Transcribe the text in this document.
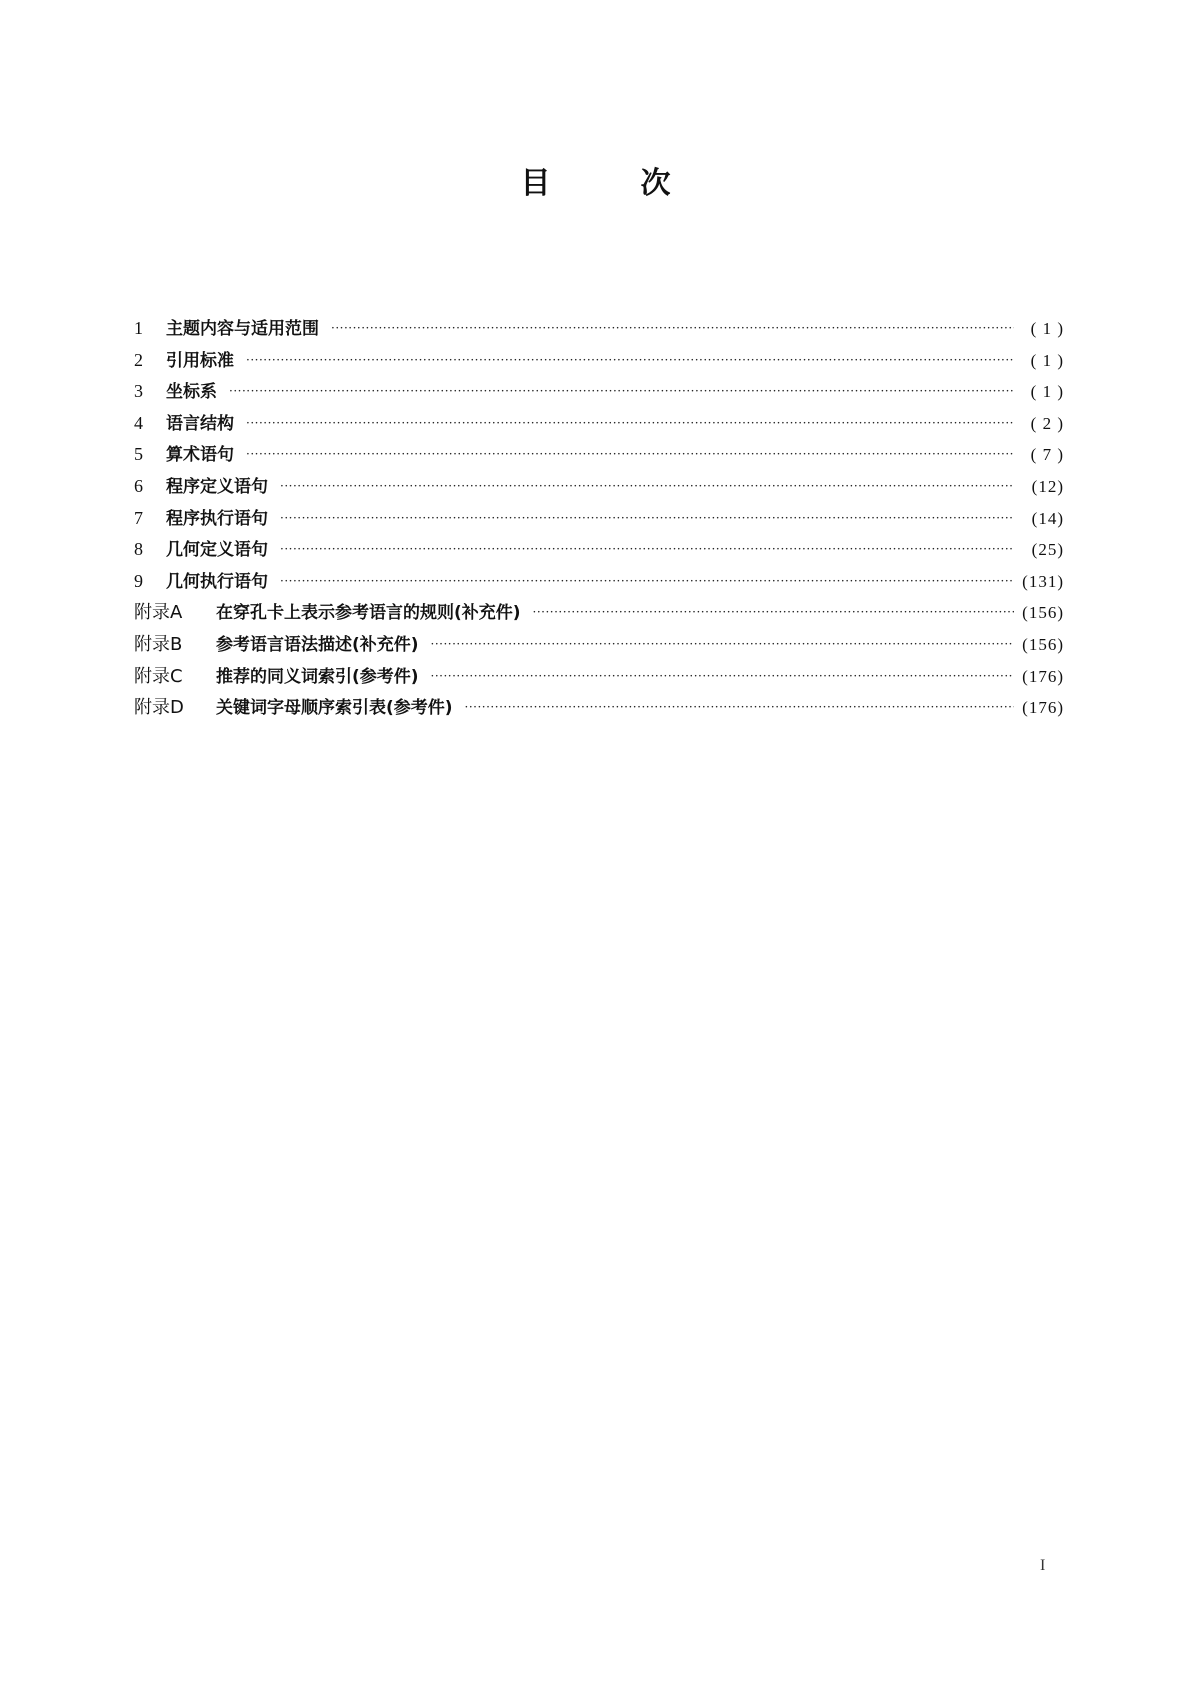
目	次
1	主题内容与适用范围 ·····	( 1 )
2	引用标准 ·····	( 1 )
3	坐标系 ·····	( 1 )
4	语言结构 ·····	( 2 )
5	算术语句 ·····	( 7 )
6	程序定义语句 ·····	(12)
7	程序执行语句 ·····	(14)
8	几何定义语句 ·····	(25)
9	几何执行语句 ·····	(131)
附录A	在穿孔卡上表示参考语言的规则(补充件) ·····	(156)
附录B	参考语言语法描述(补充件) ·····	(156)
附录C	推荐的同义词索引(参考件) ·····	(176)
附录D	关键词字母顺序索引表(参考件) ·····	(176)
I
